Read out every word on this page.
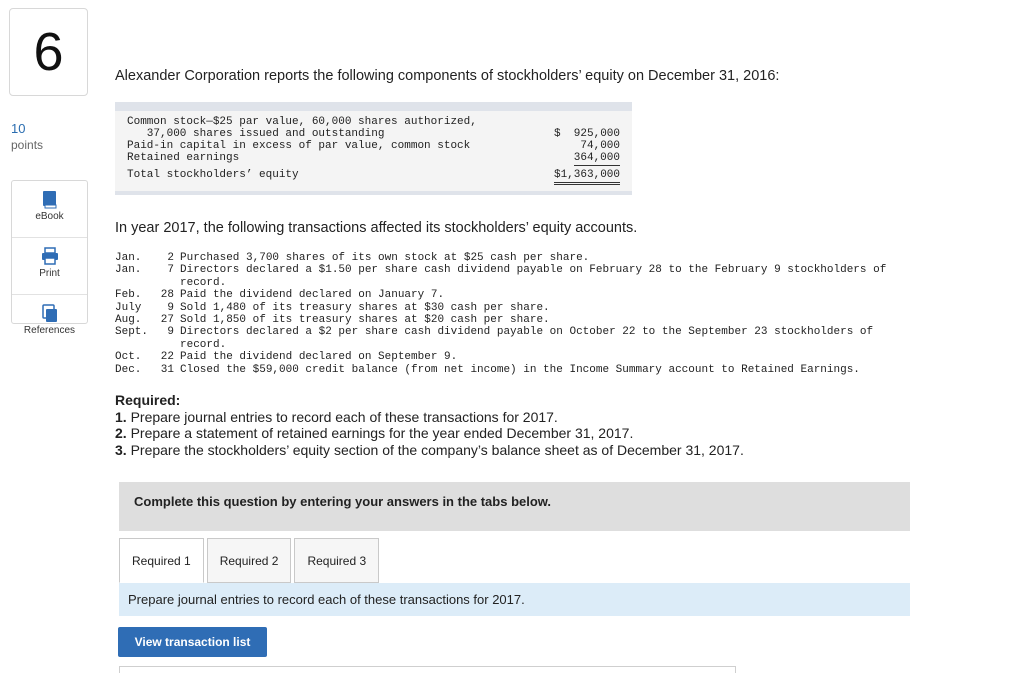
6
10
points
eBook
Print
References
Alexander Corporation reports the following components of stockholders’ equity on December 31, 2016:
Common stock—$25 par value, 60,000 shares authorized,
37,000 shares issued and outstanding	$  925,000
Paid-in capital in excess of par value, common stock	74,000
Retained earnings	364,000
Total stockholders’ equity	$1,363,000
In year 2017, the following transactions affected its stockholders’ equity accounts.
Jan.	2 Purchased 3,700 shares of its own stock at $25 cash per share.
Jan.	7 Directors declared a $1.50 per share cash dividend payable on February 28 to the February 9 stockholders of
record.
Feb.	28 Paid the dividend declared on January 7.
July	9 Sold 1,480 of its treasury shares at $30 cash per share.
Aug.	27 Sold 1,850 of its treasury shares at $20 cash per share.
Sept.	9 Directors declared a $2 per share cash dividend payable on October 22 to the September 23 stockholders of
record.
Oct.	22 Paid the dividend declared on September 9.
Dec.	31 Closed the $59,000 credit balance (from net income) in the Income Summary account to Retained Earnings.
Required:
1. Prepare journal entries to record each of these transactions for 2017.
2. Prepare a statement of retained earnings for the year ended December 31, 2017.
3. Prepare the stockholders’ equity section of the company’s balance sheet as of December 31, 2017.
Complete this question by entering your answers in the tabs below.
Required 1	Required 2	Required 3
Prepare journal entries to record each of these transactions for 2017.
View transaction list
